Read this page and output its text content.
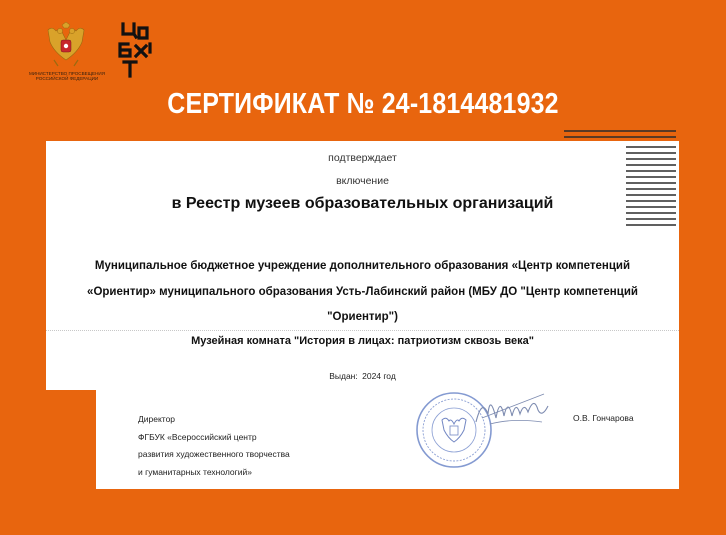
МИНИСТЕРСТВО ПРОСВЕЩЕНИЯ РОССИЙСКОЙ ФЕДЕРАЦИИ
СЕРТИФИКАТ № 24-1814481932
подтверждает
включение
в Реестр музеев образовательных организаций
Муниципальное бюджетное учреждение дополнительного образования «Центр компетенций
«Ориентир» муниципального образования Усть-Лабинский район (МБУ ДО "Центр компетенций
"Ориентир")
Музейная комната "История в лицах: патриотизм сквозь века"
Выдан: 2024 год
Директор
ФГБУК «Всероссийский центр
развития художественного творчества
и гуманитарных технологий»
О.В. Гончарова
